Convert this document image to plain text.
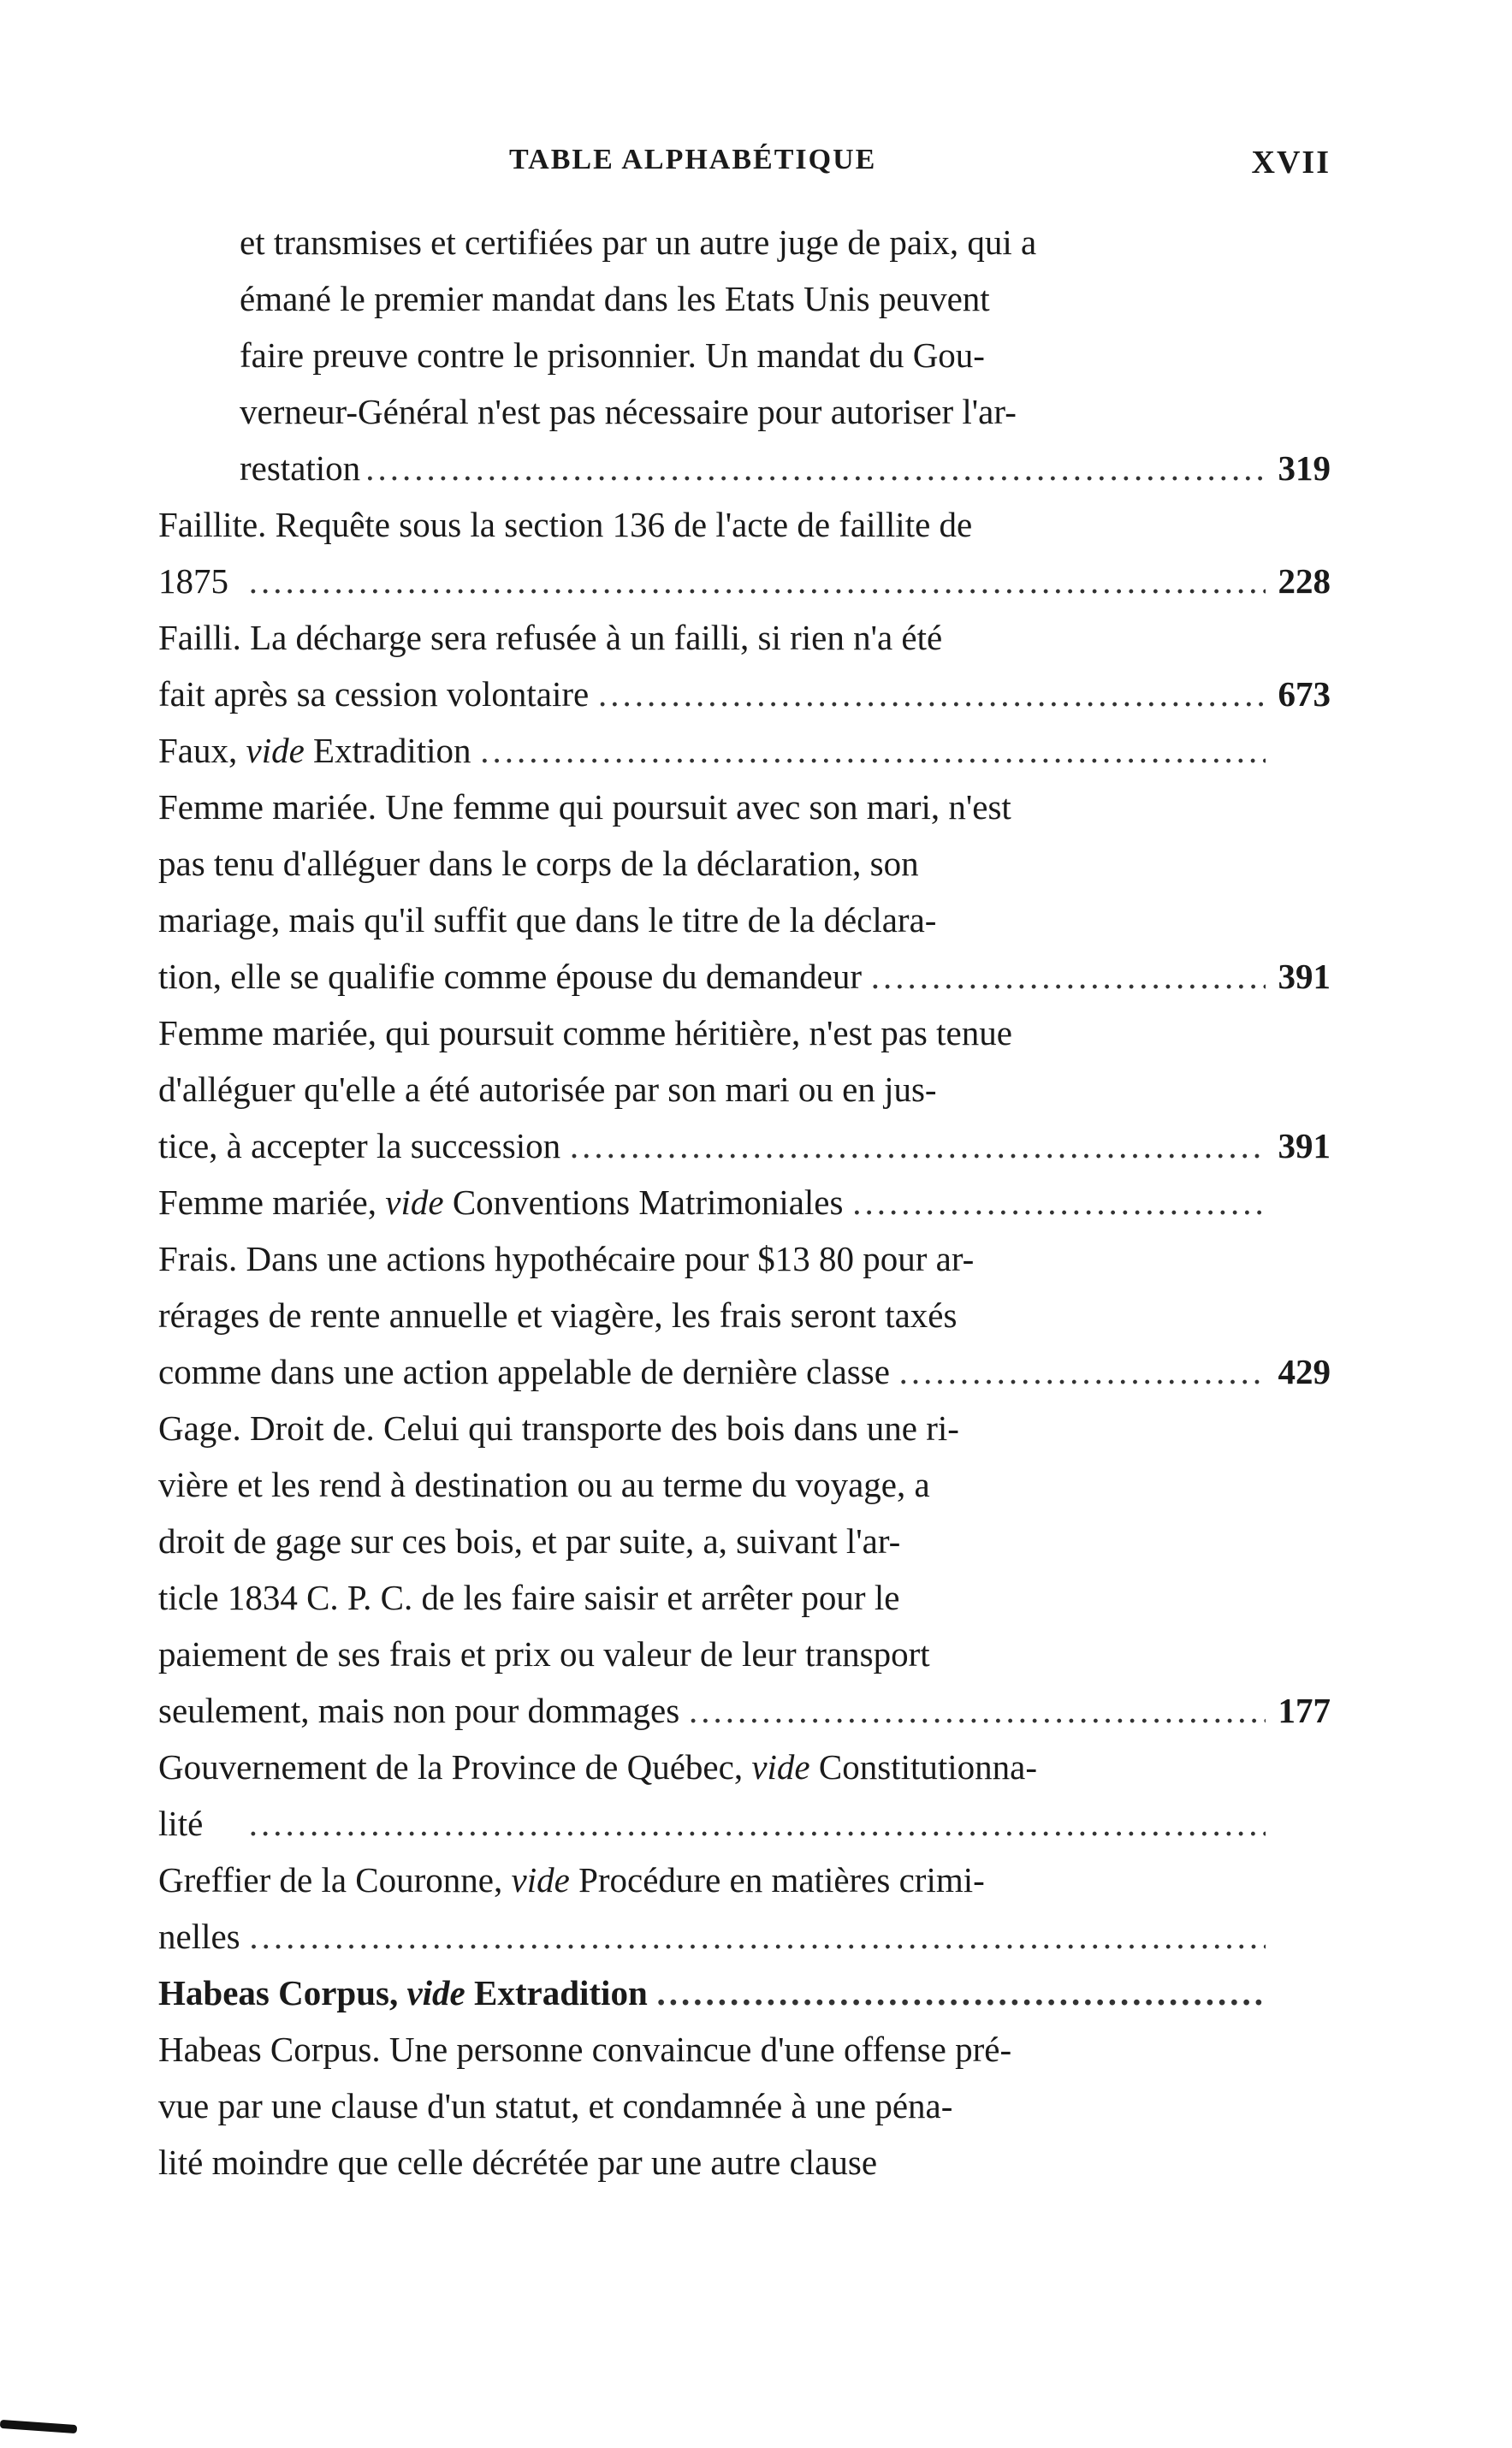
TABLE ALPHABÉTIQUE	XVII
et transmises et certifiées par un autre juge de paix, qui a
émané le premier mandat dans les Etats Unis peuvent
faire preuve contre le prisonnier. Un mandat du Gou-
verneur-Général n'est pas nécessaire pour autoriser l'ar-
restation .....	319
Faillite. Requête sous la section 136 de l'acte de faillite de
1875 .....	228
Failli. La décharge sera refusée à un failli, si rien n'a été
fait après sa cession volontaire .....	673
Faux, vide Extradition
.....
Femme mariée. Une femme qui poursuit avec son mari, n'est
pas tenu d'alléguer dans le corps de la déclaration, son
mariage, mais qu'il suffit que dans le titre de la déclara-
tion, elle se qualifie comme épouse du demandeur .....	391
Femme mariée, qui poursuit comme héritière, n'est pas tenue
d'alléguer qu'elle a été autorisée par son mari ou en jus-
tice, à accepter la succession .....	391
Femme mariée, vide Conventions Matrimoniales
.....
Frais. Dans une actions hypothécaire pour $13 80 pour ar-
rérages de rente annuelle et viagère, les frais seront taxés
comme dans une action appelable de dernière classe .....	429
Gage. Droit de. Celui qui transporte des bois dans une ri-
vière et les rend à destination ou au terme du voyage, a
droit de gage sur ces bois, et par suite, a, suivant l'ar-
ticle 1834 C. P. C. de les faire saisir et arrêter pour le
paiement de ses frais et prix ou valeur de leur transport
seulement, mais non pour dommages .....	177
Gouvernement de la Province de Québec, vide Constitutionna-
lité
.....
Greffier de la Couronne, vide Procédure en matières crimi-
nelles
.....
Habeas Corpus, vide Extradition
.....
Habeas Corpus. Une personne convaincue d'une offense pré-
vue par une clause d'un statut, et condamnée à une péna-
lité moindre que celle décrétée par une autre clause
